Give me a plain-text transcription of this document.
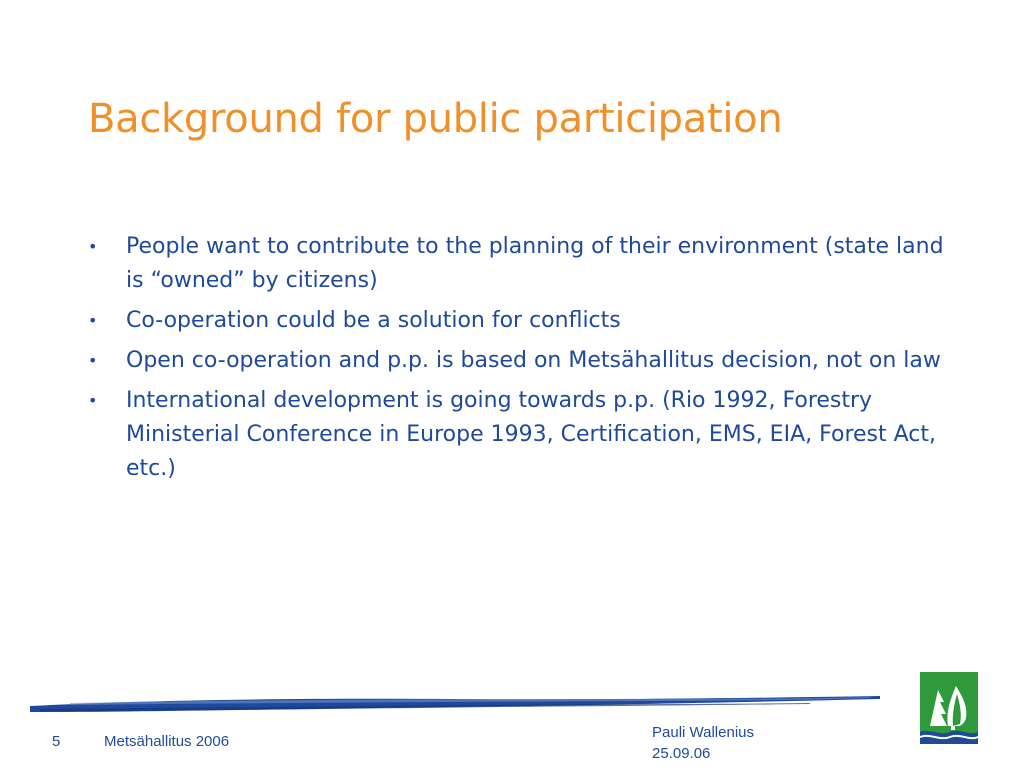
Background for public participation
• People want to contribute to the planning of their environment (state land is “owned” by citizens)
• Co-operation could be a solution for conflicts
• Open co-operation and p.p. is based on Metsähallitus decision, not on law
• International development is going towards p.p. (Rio 1992, Forestry Ministerial Conference in Europe 1993, Certification, EMS, EIA, Forest Act, etc.)
5	Metsähallitus 2006
Pauli Wallenius
25.09.06
